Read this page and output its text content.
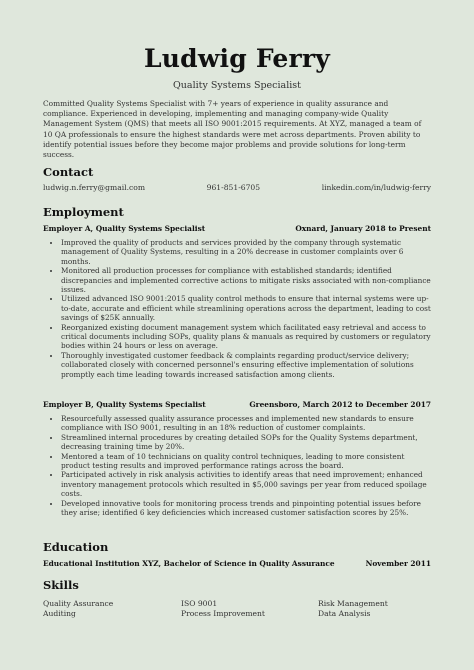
Ludwig Ferry
Quality Systems Specialist
Committed Quality Systems Specialist with 7+ years of experience in quality assurance and compliance. Experienced in developing, implementing and managing company-wide Quality Management System (QMS) that meets all ISO 9001:2015 requirements. At XYZ, managed a team of 10 QA professionals to ensure the highest standards were met across departments. Proven ability to identify potential issues before they become major problems and provide solutions for long-term success.
Contact
ludwig.n.ferry@gmail.com	961-851-6705	linkedin.com/in/ludwig-ferry
Employment
Employer A, Quality Systems Specialist	Oxnard, January 2018 to Present
• Improved the quality of products and services provided by the company through systematic management of Quality Systems, resulting in a 20% decrease in customer complaints over 6 months.
• Monitored all production processes for compliance with established standards; identified discrepancies and implemented corrective actions to mitigate risks associated with non-compliance issues.
• Utilized advanced ISO 9001:2015 quality control methods to ensure that internal systems were up-to-date, accurate and efficient while streamlining operations across the department, leading to cost savings of $25K annually.
• Reorganized existing document management system which facilitated easy retrieval and access to critical documents including SOPs, quality plans & manuals as required by customers or regulatory bodies within 24 hours or less on average.
• Thoroughly investigated customer feedback & complaints regarding product/service delivery; collaborated closely with concerned personnel's ensuring effective implementation of solutions promptly each time leading towards increased satisfaction among clients.
Employer B, Quality Systems Specialist	Greensboro, March 2012 to December 2017
• Resourcefully assessed quality assurance processes and implemented new standards to ensure compliance with ISO 9001, resulting in an 18% reduction of customer complaints.
• Streamlined internal procedures by creating detailed SOPs for the Quality Systems department, decreasing training time by 20%.
• Mentored a team of 10 technicians on quality control techniques, leading to more consistent product testing results and improved performance ratings across the board.
• Participated actively in risk analysis activities to identify areas that need improvement; enhanced inventory management protocols which resulted in $5,000 savings per year from reduced spoilage costs.
• Developed innovative tools for monitoring process trends and pinpointing potential issues before they arise; identified 6 key deficiencies which increased customer satisfaction scores by 25%.
Education
Educational Institution XYZ, Bachelor of Science in Quality Assurance	November 2011
Skills
Quality Assurance	ISO 9001	Risk Management
Auditing	Process Improvement	Data Analysis
